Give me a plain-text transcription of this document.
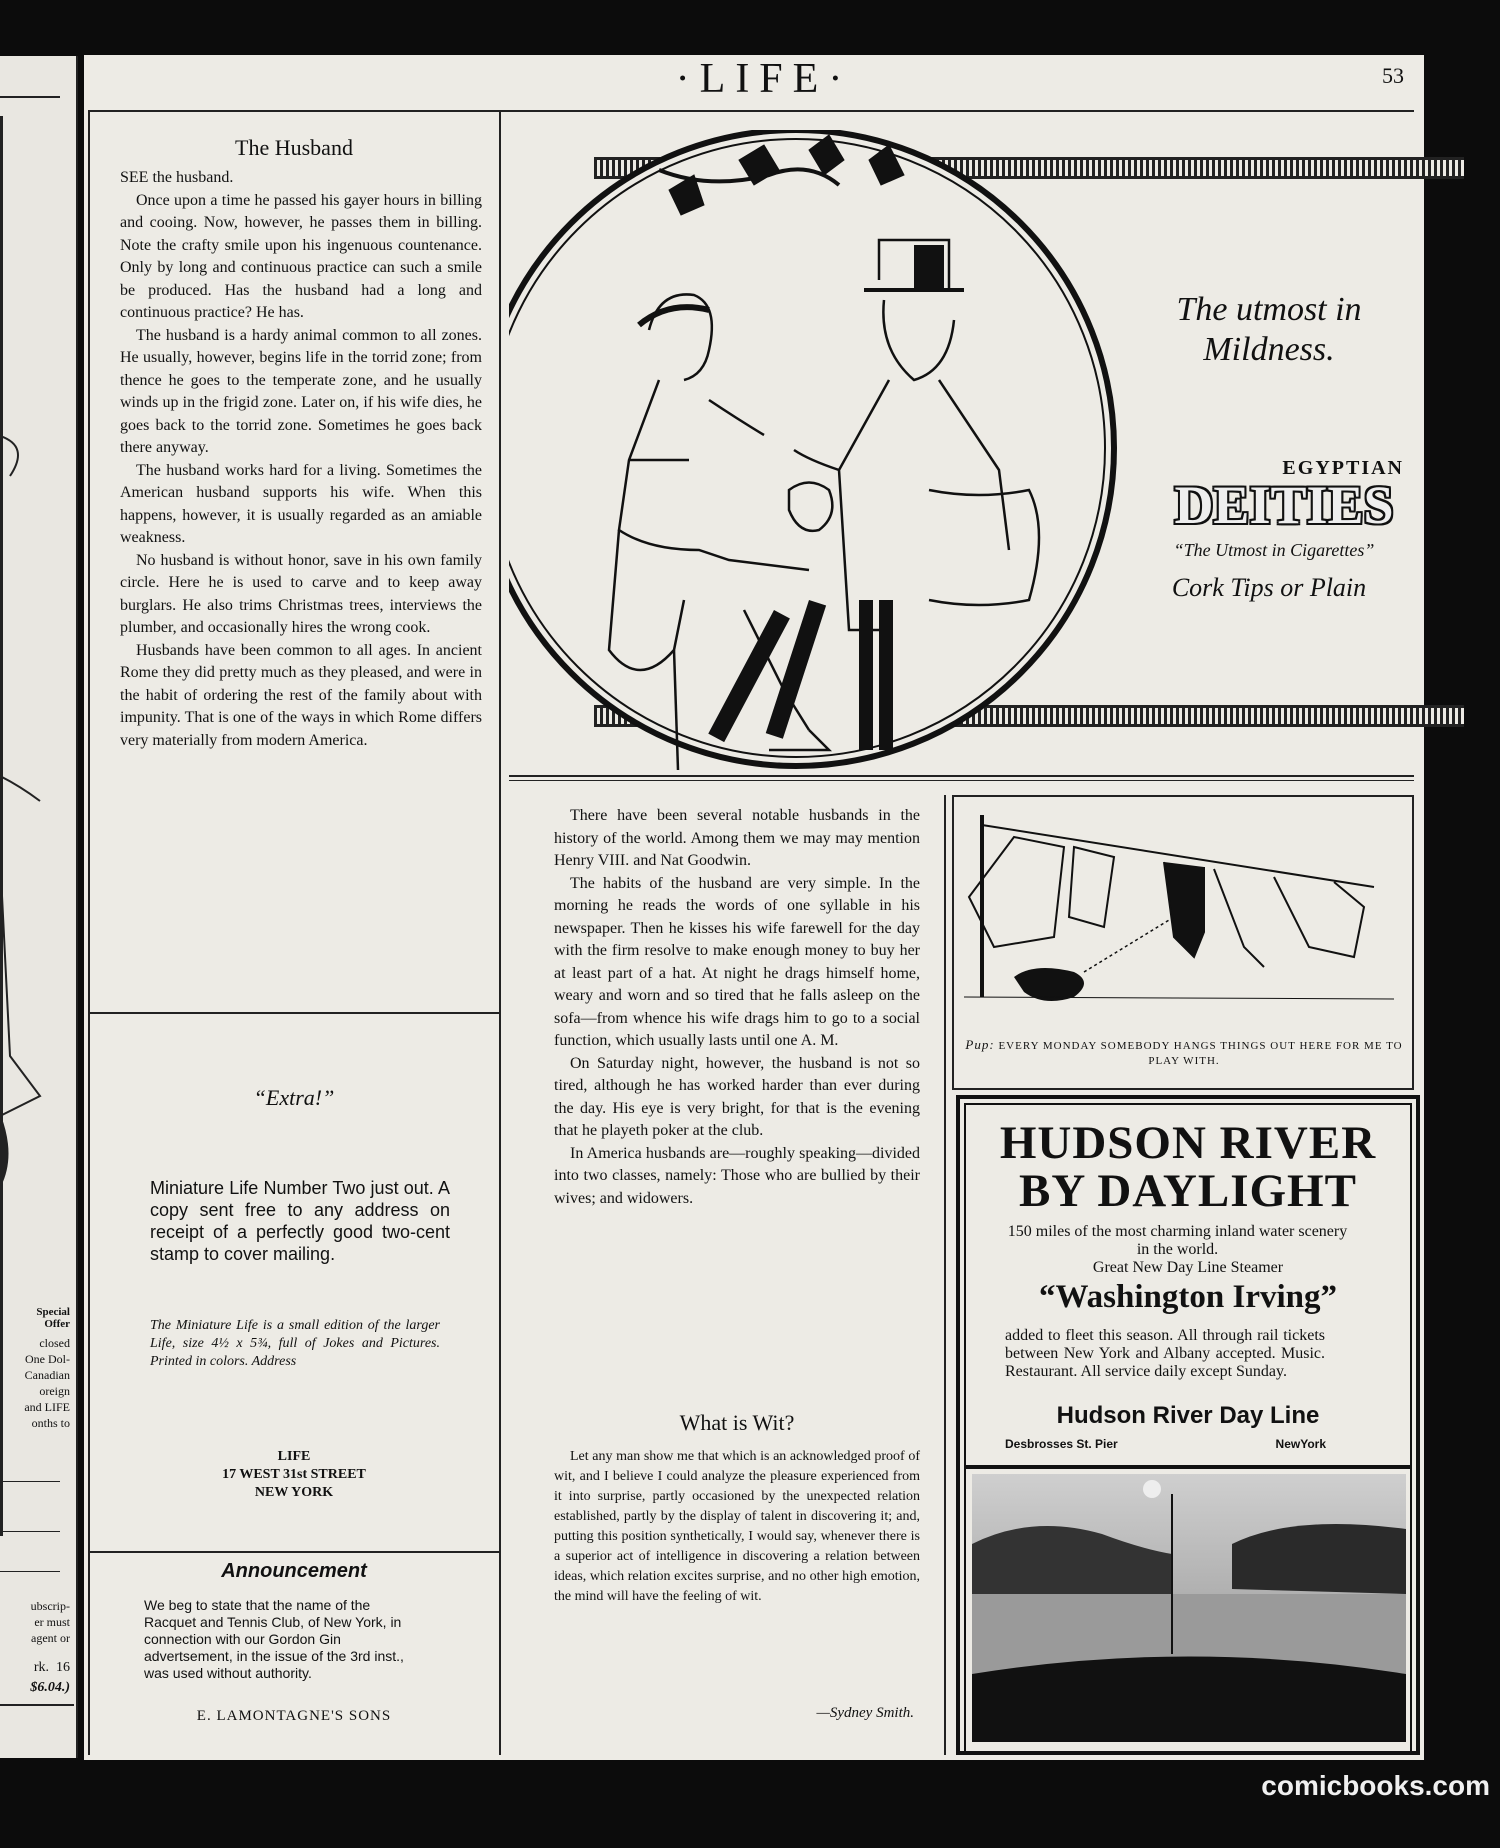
Special
Offer
closed
One Dol-
Canadian
oreign
and LIFE
onths to
ubscrip-
er must
agent or
rk.  16
$6.04.)
·LIFE·	53
The Husband

SEE the husband.

Once upon a time he passed his gayer hours in billing and cooing. Now, however, he passes them in billing. Note the crafty smile upon his ingenuous countenance. Only by long and continuous practice can such a smile be produced. Has the husband had a long and continuous practice? He has.

The husband is a hardy animal common to all zones. He usually, however, begins life in the torrid zone; from thence he goes to the temperate zone, and he usually winds up in the frigid zone. Later on, if his wife dies, he goes back to the torrid zone. Sometimes he goes back there anyway.

The husband works hard for a living. Sometimes the American husband supports his wife. When this happens, however, it is usually regarded as an amiable weakness.

No husband is without honor, save in his own family circle. Here he is used to carve and to keep away burglars. He also trims Christmas trees, interviews the plumber, and occasionally hires the wrong cook.

Husbands have been common to all ages. In ancient Rome they did pretty much as they pleased, and were in the habit of ordering the rest of the family about with impunity. That is one of the ways in which Rome differs very materially from modern America.

“Extra!”
Miniature Life Number Two just out. A copy sent free to any address on receipt of a perfectly good two-cent stamp to cover mailing.
The Miniature Life is a small edition of the larger Life, size 4½ x 5¾, full of Jokes and Pictures. Printed in colors. Address
LIFE
17 WEST 31st STREET
NEW YORK
Announcement
We beg to state that the name of the Racquet and Tennis Club, of New York, in connection with our Gordon Gin advertsement, in the issue of the 3rd inst., was used without authority.
E. LAMONTAGNE'S SONS
The utmost in
Mildness.
EGYPTIAN
DEITIES
“The Utmost in Cigarettes”
Cork Tips or Plain

There have been several notable husbands in the history of the world. Among them we may may mention Henry VIII. and Nat Goodwin.

The habits of the husband are very simple. In the morning he reads the words of one syllable in his newspaper. Then he kisses his wife farewell for the day with the firm resolve to make enough money to buy her at least part of a hat. At night he drags himself home, weary and worn and so tired that he falls asleep on the sofa—from whence his wife drags him to go to a social function, which usually lasts until one A. M.

On Saturday night, however, the husband is not so tired, although he has worked harder than ever during the day. His eye is very bright, for that is the evening that he playeth poker at the club.

In America husbands are—roughly speaking—divided into two classes, namely: Those who are bullied by their wives; and widowers.

What is Wit?

Let any man show me that which is an acknowledged proof of wit, and I believe I could analyze the pleasure experienced from it into surprise, partly occasioned by the unexpected relation established, partly by the display of talent in discovering it; and, putting this position synthetically, I would say, whenever there is a superior act of intelligence in discovering a relation between ideas, which relation excites surprise, and no other high emotion, the mind will have the feeling of wit.

—Sydney Smith.
Pup: EVERY MONDAY SOMEBODY HANGS THINGS OUT HERE FOR ME TO PLAY WITH.
HUDSON RIVER
BY DAYLIGHT
150 miles of the most charming inland water scenery in the world.
Great New Day Line Steamer
“Washington Irving”
added to fleet this season. All through rail tickets between New York and Albany accepted. Music. Restaurant. All service daily except Sunday.
Hudson River Day Line
Desbrosses St. Pier	NewYork
comicbooks.com
